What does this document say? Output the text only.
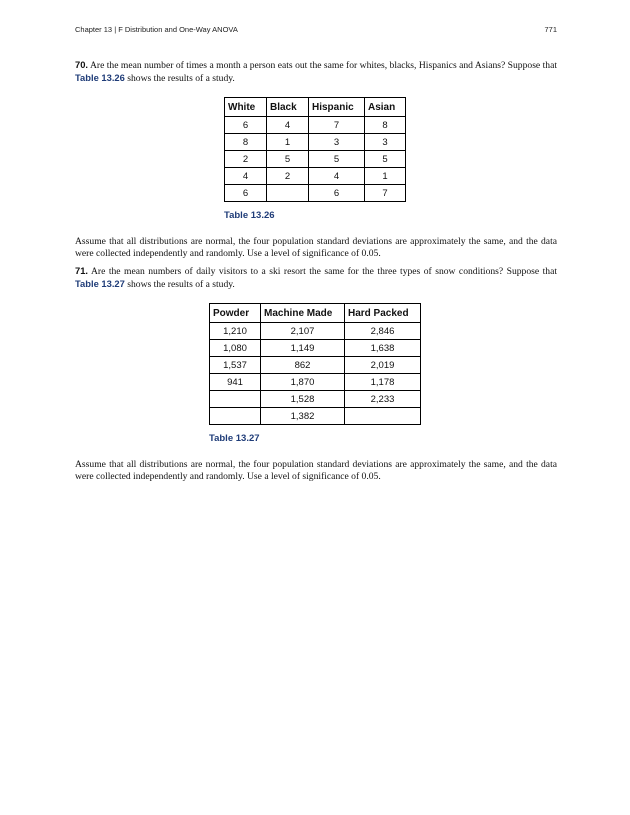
Chapter 13 | F Distribution and One-Way ANOVA	771
70. Are the mean number of times a month a person eats out the same for whites, blacks, Hispanics and Asians? Suppose that Table 13.26 shows the results of a study.
White	Black	Hispanic	Asian
6	4	7	8
8	1	3	3
2	5	5	5
4	2	4	1
6		6	7
Table 13.26
Assume that all distributions are normal, the four population standard deviations are approximately the same, and the data were collected independently and randomly. Use a level of significance of 0.05.
71. Are the mean numbers of daily visitors to a ski resort the same for the three types of snow conditions? Suppose that Table 13.27 shows the results of a study.
Powder	Machine Made	Hard Packed
1,210	2,107	2,846
1,080	1,149	1,638
1,537	862	2,019
941	1,870	1,178
	1,528	2,233
	1,382	
Table 13.27
Assume that all distributions are normal, the four population standard deviations are approximately the same, and the data were collected independently and randomly. Use a level of significance of 0.05.
